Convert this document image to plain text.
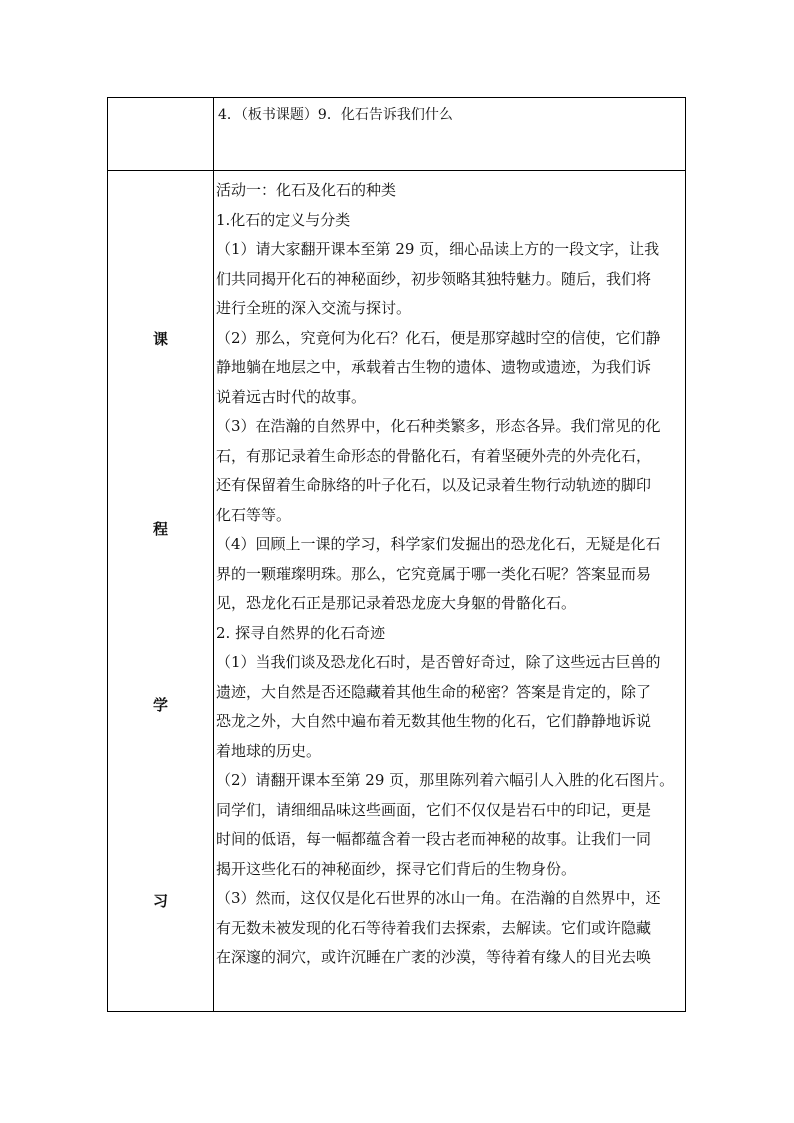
4．（板书课题）9．化石告诉我们什么
课
程
学
习

活动一：化石及化石的种类

1.化石的定义与分类

（1）请大家翻开课本至第 29 页，细心品读上方的一段文字，让我

们共同揭开化石的神秘面纱，初步领略其独特魅力。随后，我们将

进行全班的深入交流与探讨。

（2）那么，究竟何为化石？化石，便是那穿越时空的信使，它们静

静地躺在地层之中，承载着古生物的遗体、遗物或遗迹，为我们诉

说着远古时代的故事。

（3）在浩瀚的自然界中，化石种类繁多，形态各异。我们常见的化

石，有那记录着生命形态的骨骼化石，有着坚硬外壳的外壳化石，

还有保留着生命脉络的叶子化石，以及记录着生物行动轨迹的脚印

化石等等。

（4）回顾上一课的学习，科学家们发掘出的恐龙化石，无疑是化石

界的一颗璀璨明珠。那么，它究竟属于哪一类化石呢？答案显而易

见，恐龙化石正是那记录着恐龙庞大身躯的骨骼化石。

2. 探寻自然界的化石奇迹

（1）当我们谈及恐龙化石时，是否曾好奇过，除了这些远古巨兽的

遗迹，大自然是否还隐藏着其他生命的秘密？答案是肯定的，除了

恐龙之外，大自然中遍布着无数其他生物的化石，它们静静地诉说

着地球的历史。

（2）请翻开课本至第 29 页，那里陈列着六幅引人入胜的化石图片。

同学们，请细细品味这些画面，它们不仅仅是岩石中的印记，更是

时间的低语，每一幅都蕴含着一段古老而神秘的故事。让我们一同

揭开这些化石的神秘面纱，探寻它们背后的生物身份。

（3）然而，这仅仅是化石世界的冰山一角。在浩瀚的自然界中，还

有无数未被发现的化石等待着我们去探索，去解读。它们或许隐藏

在深邃的洞穴，或许沉睡在广袤的沙漠，等待着有缘人的目光去唤
